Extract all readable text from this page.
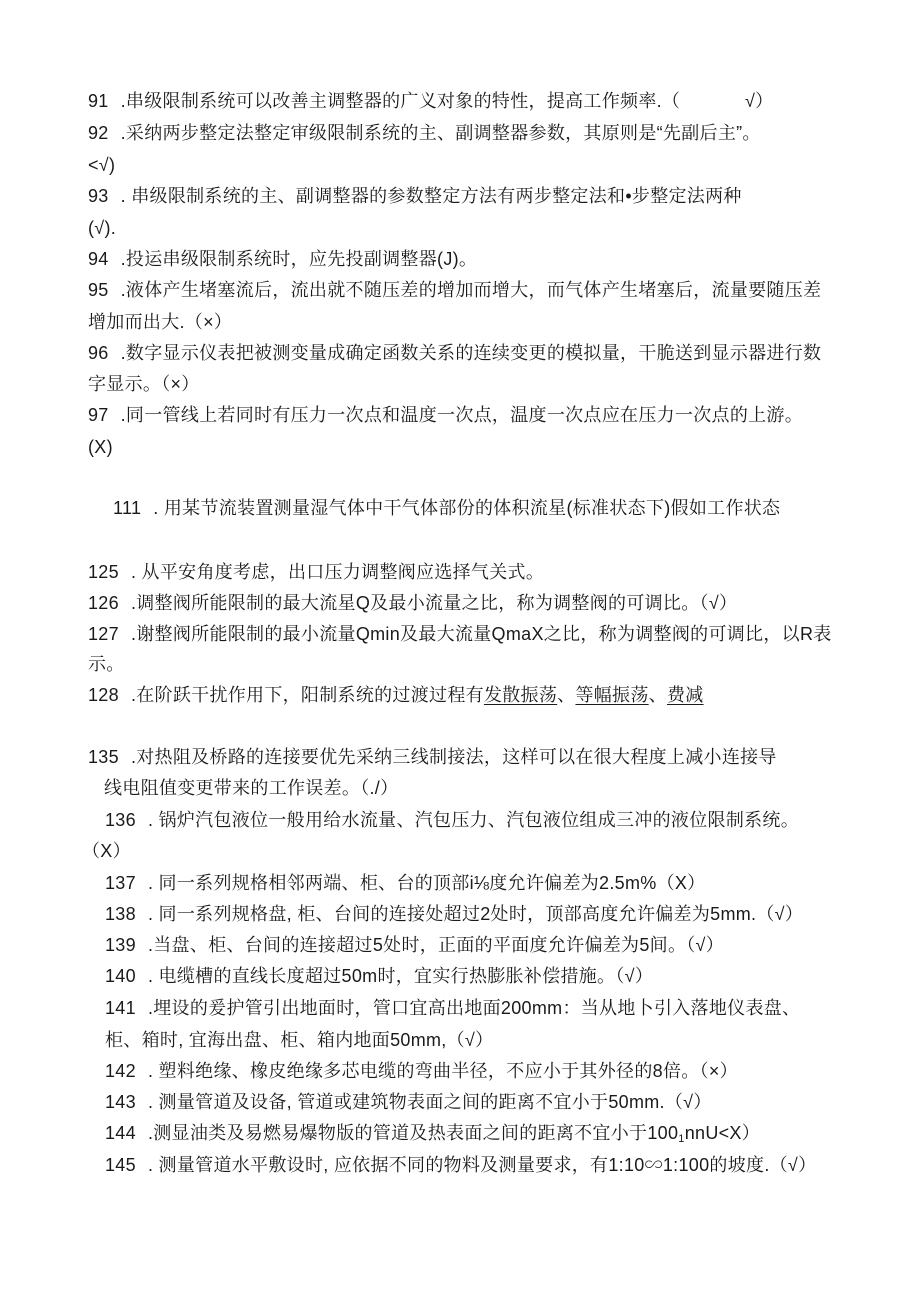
91 .串级限制系统可以改善主调整器的广义对象的特性，提高工作频率.（	√）
92 .采纳两步整定法整定审级限制系统的主、副调整器参数，其原则是“先副后主”。
<√)
93 . 串级限制系统的主、副调整器的参数整定方法有两步整定法和•步整定法两种
(√).
94 .投运串级限制系统时，应先投副调整器(J)。
95 .液体产生堵塞流后，流出就不随压差的增加而增大，而气体产生堵塞后，流量要随压差
增加而出大.（×）
96 .数字显示仪表把被测变量成确定函数关系的连续变更的模拟量，干脆送到显示器进行数
字显示。（×）
97 .同一管线上若同时有压力一次点和温度一次点，温度一次点应在压力一次点的上游。
(X)
111 . 用某节流装置测量湿气体中干气体部份的体积流星(标准状态下)假如工作状态
125 . 从平安角度考虑，出口压力调整阀应选择气关式。
126 .调整阀所能限制的最大流星Q及最小流量之比，称为调整阀的可调比。（√）
127 .谢整阀所能限制的最小流量Qmin及最大流量QmaX之比，称为调整阀的可调比，以R表
示。
128 .在阶跃干扰作用下，阳制系统的过渡过程有发散振荡、等幅振荡、费减
135 .对热阻及桥路的连接要优先采纳三线制接法，这样可以在很大程度上减小连接导
线电阻值变更带来的工作误差。（./）
136 . 锅炉汽包液位一般用给水流量、汽包压力、汽包液位组成三冲的液位限制系统。
（X）
137 . 同一系列规格相邻两端、柜、台的顶部i⅛度允许偏差为2.5m%（X）
138 . 同一系列规格盘, 柜、台间的连接处超过2处时，顶部高度允许偏差为5mm.（√）
139 .当盘、柜、台间的连接超过5处时，正面的平面度允许偏差为5间。（√）
140 . 电缆槽的直线长度超过50m时，宜实行热膨胀补偿措施。（√）
141 .埋设的爰护管引出地面时，管口宜高出地面200mm：当从地卜引入落地仪表盘、
柜、箱时, 宜海出盘、柜、箱内地面50mm,（√）
142 . 塑料绝缘、橡皮绝缘多芯电缆的弯曲半径，不应小于其外径的8倍。（×）
143 . 测量管道及设备, 管道或建筑物表面之间的距离不宜小于50mm.（√）
144 .测显油类及易燃易爆物版的管道及热表面之间的距离不宜小于$100_1nnU<X$）
145 . 测量管道水平敷设时, 应依据不同的物料及测量要求，有1:10∽1:100的坡度.（√）
